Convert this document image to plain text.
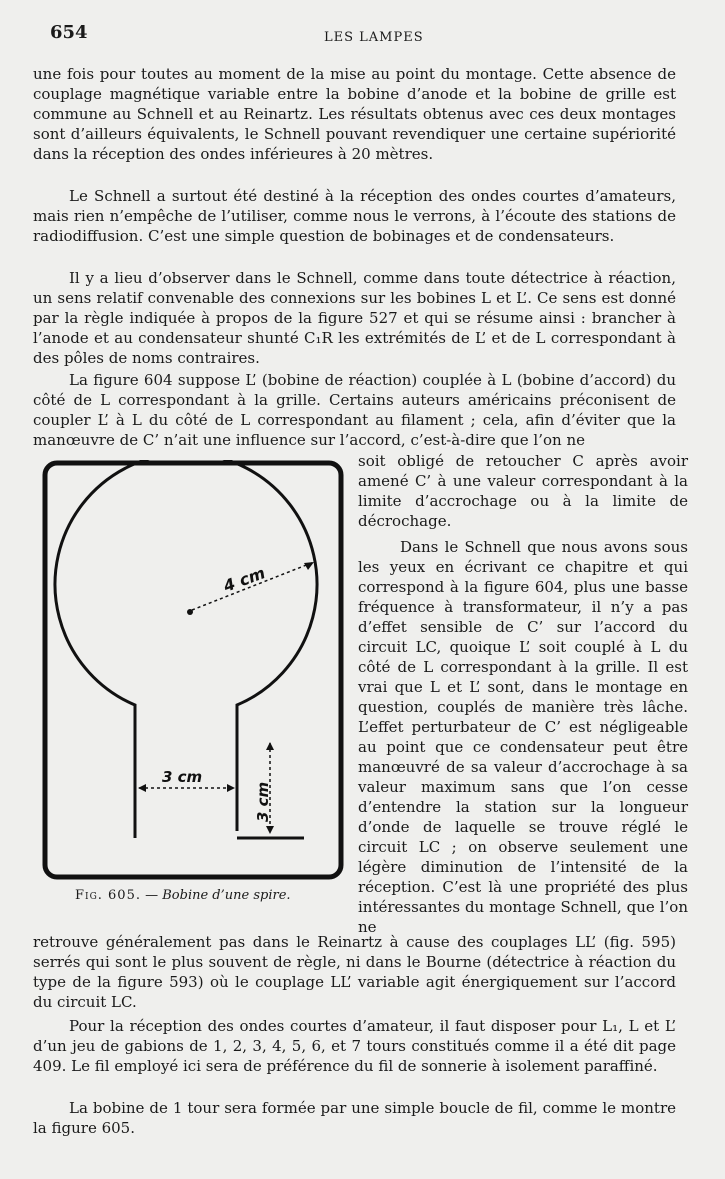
654	LES LAMPES

une fois pour toutes au moment de la mise au point du montage. Cette absence de couplage magnétique variable entre la bobine d’anode et la bobine de grille est commune au Schnell et au Reinartz. Les résultats obtenus avec ces deux montages sont d’ailleurs équivalents, le Schnell pouvant revendiquer une certaine supériorité dans la réception des ondes inférieures à 20 mètres.

Le Schnell a surtout été destiné à la réception des ondes courtes d’amateurs, mais rien n’empêche de l’utiliser, comme nous le verrons, à l’écoute des stations de radiodiffusion. C’est une simple question de bobinages et de condensateurs.

Il y a lieu d’observer dans le Schnell, comme dans toute détectrice à réaction, un sens relatif convenable des connexions sur les bobines L et L’. Ce sens est donné par la règle indiquée à propos de la figure 527 et qui se résume ainsi : brancher à l’anode et au condensateur shunté C₁R les extrémités de L’ et de L correspondant à des pôles de noms contraires.

La figure 604 suppose L’ (bobine de réaction) couplée à L (bobine d’accord) du côté de L correspondant à la grille. Certains auteurs américains préconisent de coupler L’ à L du côté de L correspondant au filament ; cela, afin d’éviter que la manœuvre de C’ n’ait une influence sur l’accord, c’est-à-dire que l’on ne

4 cm
3 cm
3 cm
Fig. 605. — Bobine d’une spire.

soit obligé de retoucher C après avoir amené C’ à une valeur correspondant à la limite d’accrochage ou à la limite de décrochage.

Dans le Schnell que nous avons sous les yeux en écrivant ce chapitre et qui correspond à la figure 604, plus une basse fréquence à transformateur, il n’y a pas d’effet sensible de C’ sur l’accord du circuit LC, quoique L’ soit couplé à L du côté de L correspondant à la grille. Il est vrai que L et L’ sont, dans le montage en question, couplés de manière très lâche. L’effet perturbateur de C’ est négligeable au point que ce condensateur peut être manœuvré de sa valeur d’accrochage à sa valeur maximum sans que l’on cesse d’entendre la station sur la longueur d’onde de laquelle se trouve réglé le circuit LC ; on observe seulement une légère diminution de l’intensité de la réception. C’est là une propriété des plus intéressantes du montage Schnell, que l’on ne

retrouve généralement pas dans le Reinartz à cause des couplages LL’ (fig. 595) serrés qui sont le plus souvent de règle, ni dans le Bourne (détectrice à réaction du type de la figure 593) où le couplage LL’ variable agit énergiquement sur l’accord du circuit LC.

Pour la réception des ondes courtes d’amateur, il faut disposer pour L₁, L et L’ d’un jeu de gabions de 1, 2, 3, 4, 5, 6, et 7 tours constitués comme il a été dit page 409. Le fil employé ici sera de préférence du fil de sonnerie à isolement paraffiné.

La bobine de 1 tour sera formée par une simple boucle de fil, comme le montre la figure 605.
